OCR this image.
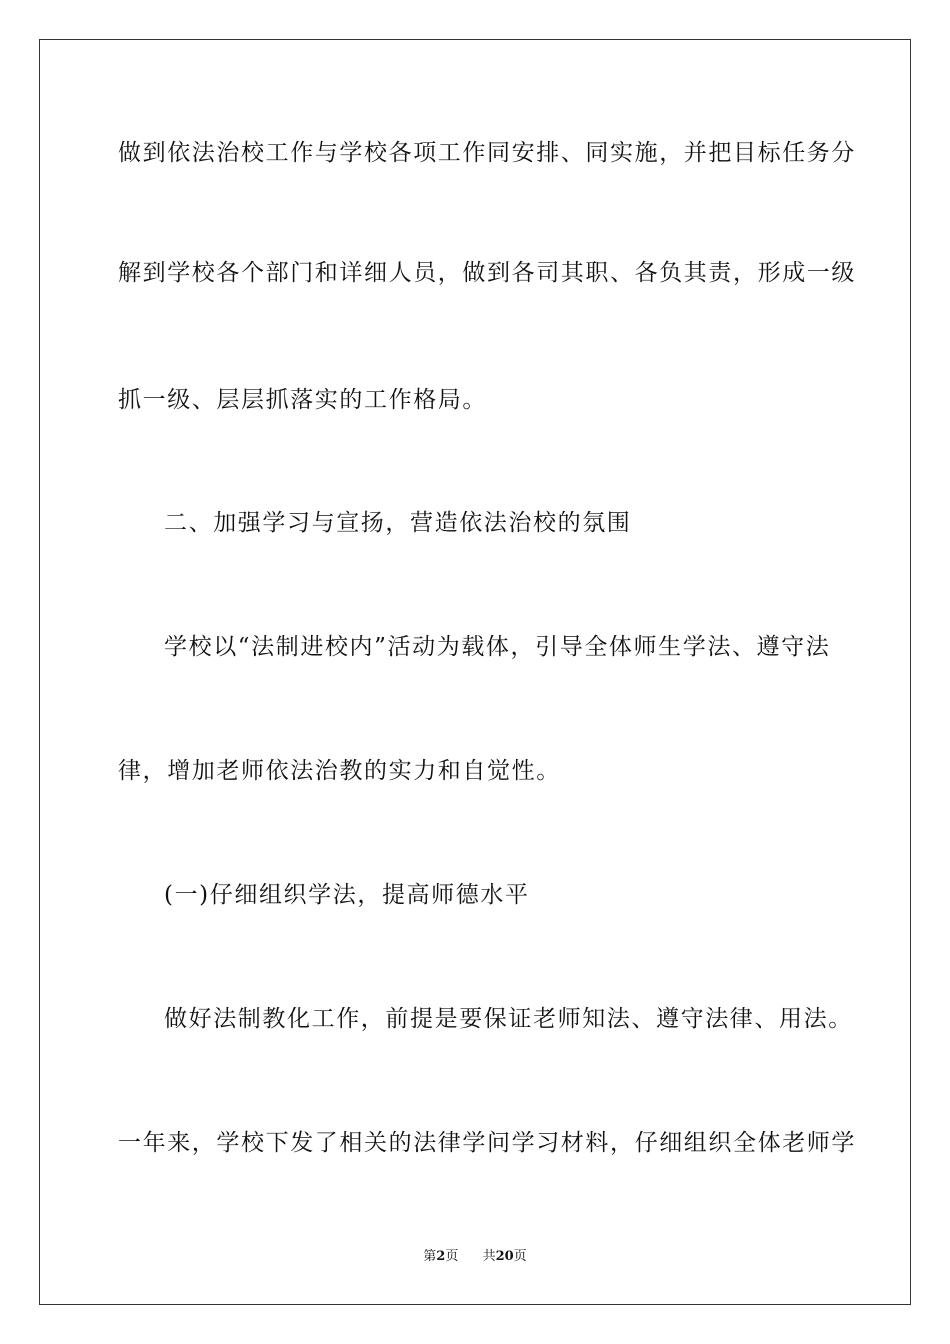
做到依法治校工作与学校各项工作同安排、同实施，并把目标任务分
解到学校各个部门和详细人员，做到各司其职、各负其责，形成一级
抓一级、层层抓落实的工作格局。
二、加强学习与宣扬，营造依法治校的氛围
学校以“法制进校内”活动为载体，引导全体师生学法、遵守法
律，增加老师依法治教的实力和自觉性。
(一)仔细组织学法，提高师德水平
做好法制教化工作，前提是要保证老师知法、遵守法律、用法。
一年来，学校下发了相关的法律学问学习材料，仔细组织全体老师学
第2页 共20页
